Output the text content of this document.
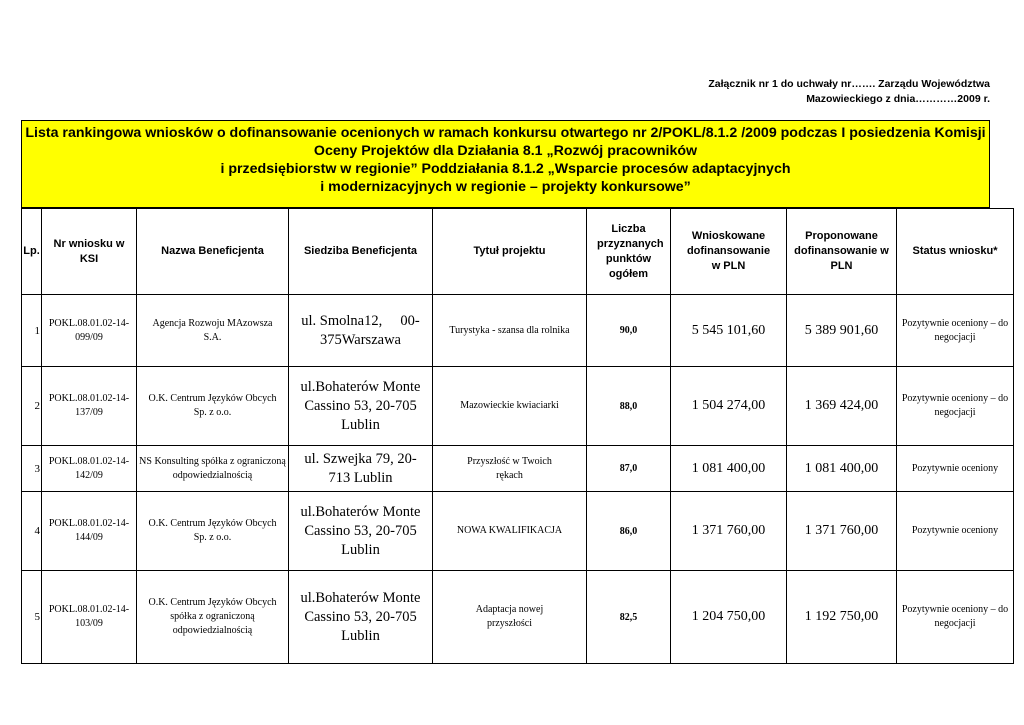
Załącznik nr 1 do uchwały nr……. Zarządu Województwa
Mazowieckiego z dnia…………2009 r.
Lista rankingowa wniosków o dofinansowanie ocenionych w ramach konkursu otwartego nr 2/POKL/8.1.2 /2009 podczas I posiedzenia Komisji
Oceny Projektów dla Działania 8.1 „Rozwój pracowników
i przedsiębiorstw w regionie” Poddziałania 8.1.2 „Wsparcie procesów adaptacyjnych
i modernizacyjnych w regionie – projekty konkursowe”
Lp.	Nr wniosku w KSI	Nazwa Beneficjenta	Siedziba Beneficjenta	Tytuł projektu	Liczba przyznanych punktów ogółem	Wnioskowane dofinansowanie w PLN	Proponowane dofinansowanie w PLN	Status wniosku*
1	POKL.08.01.02-14-099/09	Agencja Rozwoju MAzowsza S.A.	ul. Smolna12,     00-375Warszawa	Turystyka - szansa dla rolnika	90,0	5 545 101,60	5 389 901,60	Pozytywnie oceniony – do negocjacji
2	POKL.08.01.02-14-137/09	O.K. Centrum Języków Obcych Sp. z o.o.	ul.Bohaterów Monte Cassino 53, 20-705 Lublin	Mazowieckie kwiaciarki	88,0	1 504 274,00	1 369 424,00	Pozytywnie oceniony – do negocjacji
3	POKL.08.01.02-14-142/09	NS Konsulting spółka z ograniczoną odpowiedzialnością	ul. Szwejka 79, 20-713 Lublin	Przyszłość w Twoich rękach	87,0	1 081 400,00	1 081 400,00	Pozytywnie oceniony
4	POKL.08.01.02-14-144/09	O.K. Centrum Języków Obcych Sp. z o.o.	ul.Bohaterów Monte Cassino 53, 20-705 Lublin	NOWA KWALIFIKACJA	86,0	1 371 760,00	1 371 760,00	Pozytywnie oceniony
5	POKL.08.01.02-14-103/09	O.K. Centrum Języków Obcych spółka z ograniczoną odpowiedzialnością	ul.Bohaterów Monte Cassino 53, 20-705 Lublin	Adaptacja nowej przyszłości	82,5	1 204 750,00	1 192 750,00	Pozytywnie oceniony – do negocjacji
